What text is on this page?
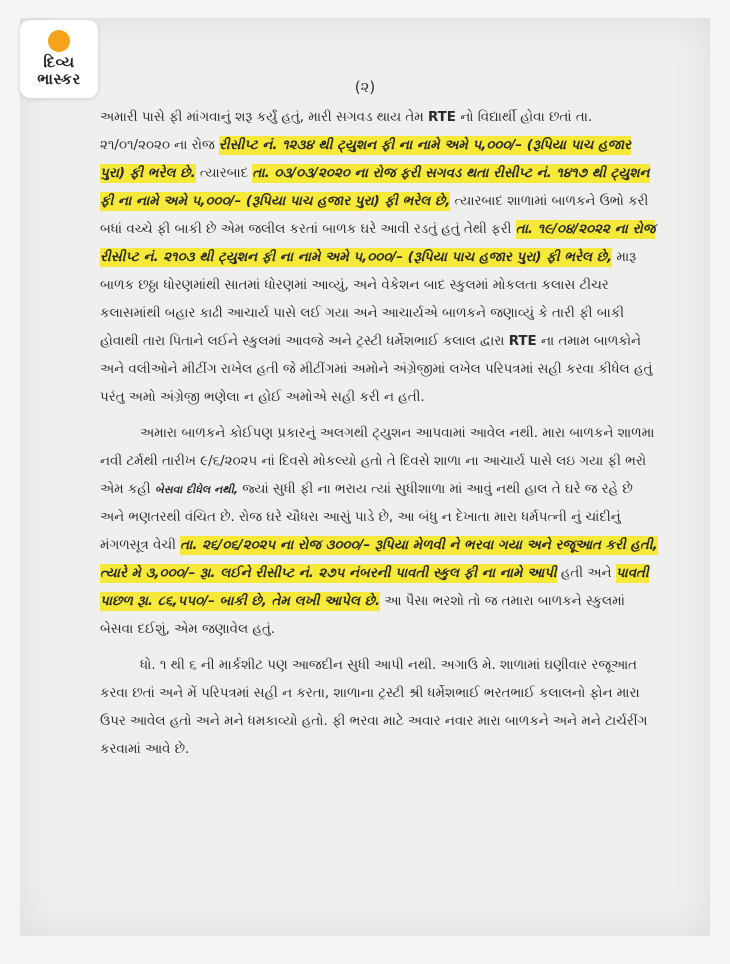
દિવ્ય
ભાસ્કર	(૨)

અમારી પાસે ફી માંગવાનું શરૂ કર્યું હતું, મારી સગવડ થાય તેમ RTE નો વિદ્યાર્થી હોવા છતાં તા. ૨૧/૦૧/૨૦૨૦ ના રોજ રીસીપ્ટ નં. ૧૨૩૪ થી ટ્યુશન ફી ના નામે અમે ૫,૦૦૦/– (રૂપિયા પાચ હજાર પુરા) ફી ભરેલ છે. ત્યારબાદ તા. ૦૩/૦૩/૨૦૨૦ ના રોજ ફરી સગવડ થતા રીસીપ્ટ નં. ૧૪૧૭ થી ટ્યુશન ફી ના નામે અમે ૫,૦૦૦/– (રૂપિયા પાચ હજાર પુરા) ફી ભરેલ છે, ત્યારબાદ શાળામાં બાળકને ઉભો કરી બધાં વચ્ચે ફી બાકી છે એમ જલીલ કરતાં બાળક ઘરે આવી રડતું હતું તેથી ફરી તા. ૧૯/૦૪/૨૦૨૨ ના રોજ રીસીપ્ટ નં. ૨૧૦૩ થી ટ્યુશન ફી ના નામે અમે ૫,૦૦૦/– (રૂપિયા પાચ હજાર પુરા) ફી ભરેલ છે, મારૂ બાળક છઠ્ઠા ધોરણમાંથી સાતમાં ધોરણમાં આવ્યું, અને વેકેશન બાદ સ્કુલમાં મોકલતા કલાસ ટીચર કલાસમાંથી બહાર કાઢી આચાર્ય પાસે લઈ ગયા અને આચાર્યએ બાળકને જણાવ્યું કે તારી ફી બાકી હોવાથી તારા પિતાને લઈને સ્કુલમાં આવજે અને ટ્રસ્ટી ધર્મેશભાઈ કલાલ દ્વારા RTE ના તમામ બાળકોને અને વલીઓને મીટીંગ રાખેલ હતી જે મીટીંગમાં અમોને અંગ્રેજીમાં લખેલ પરિપત્રમાં સહી કરવા કીધેલ હતું પરંતુ અમો અંગ્રેજી ભણેલા ન હોઈ અમોએ સહી કરી ન હતી.

અમારા બાળકને કોઈપણ પ્રકારનું અલગથી ટ્યુશન આપવામાં આવેલ નથી. મારા બાળકને શાળમા નવી ટર્મથી તારીખ ૯/૬/૨૦૨૫ નાં દિવસે મોકલ્યો હતો તે દિવસે શાળા ના આચાર્ય પાસે લઇ ગયા ફી ભરો એમ કહી બેસવા દીધેલ નથી, જ્યાં સુધી ફી ના ભરાય ત્યાં સુધીશાળા માં આવું નથી હાલ તે ઘરે જ રહે છે અને ભણતરથી વંચિત છે. રોજ ઘરે ચૌધરા આસું પાડે છે, આ બંધુ ન દેખાતા મારા ધર્મપત્ની નું ચાંદીનું મંગળસૂત્ર વેચી તા. ૨૬/૦૬/૨૦૨૫ ના રોજ ૩૦૦૦/– રૂપિયા મેળવી ને ભરવા ગયા અને રજૂઆત કરી હતી, ત્યારે મે ૩,૦૦૦/– રૂા. લઈને રીસીપ્ટ નં. ૨૭૫ નંબરની પાવતી સ્કુલ ફી ના નામે આપી હતી અને પાવતી પાછળ રૂા. ૮૬,૫૫૦/– બાકી છે, તેમ લખી આપેલ છે. આ પૈસા ભરશો તો જ તમારા બાળકને સ્કુલમાં બેસવા દઈશું, એમ જણાવેલ હતું.

ધો. ૧ થી ૬ ની માર્કશીટ પણ આજદીન સુધી આપી નથી. અગાઉ મે. શાળામાં ઘણીવાર રજૂઆત કરવા છતાં અને મેં પરિપત્રમાં સહી ન કરતા, શાળાના ટ્રસ્ટી શ્રી ધર્મેશભાઈ ભરતભાઈ કલાલનો ફોન મારા ઉપર આવેલ હતો અને મને ધમકાવ્યો હતો. ફી ભરવા માટે અવાર નવાર મારા બાળકને અને મને ટાર્ચરીંગ કરવામાં આવે છે.
